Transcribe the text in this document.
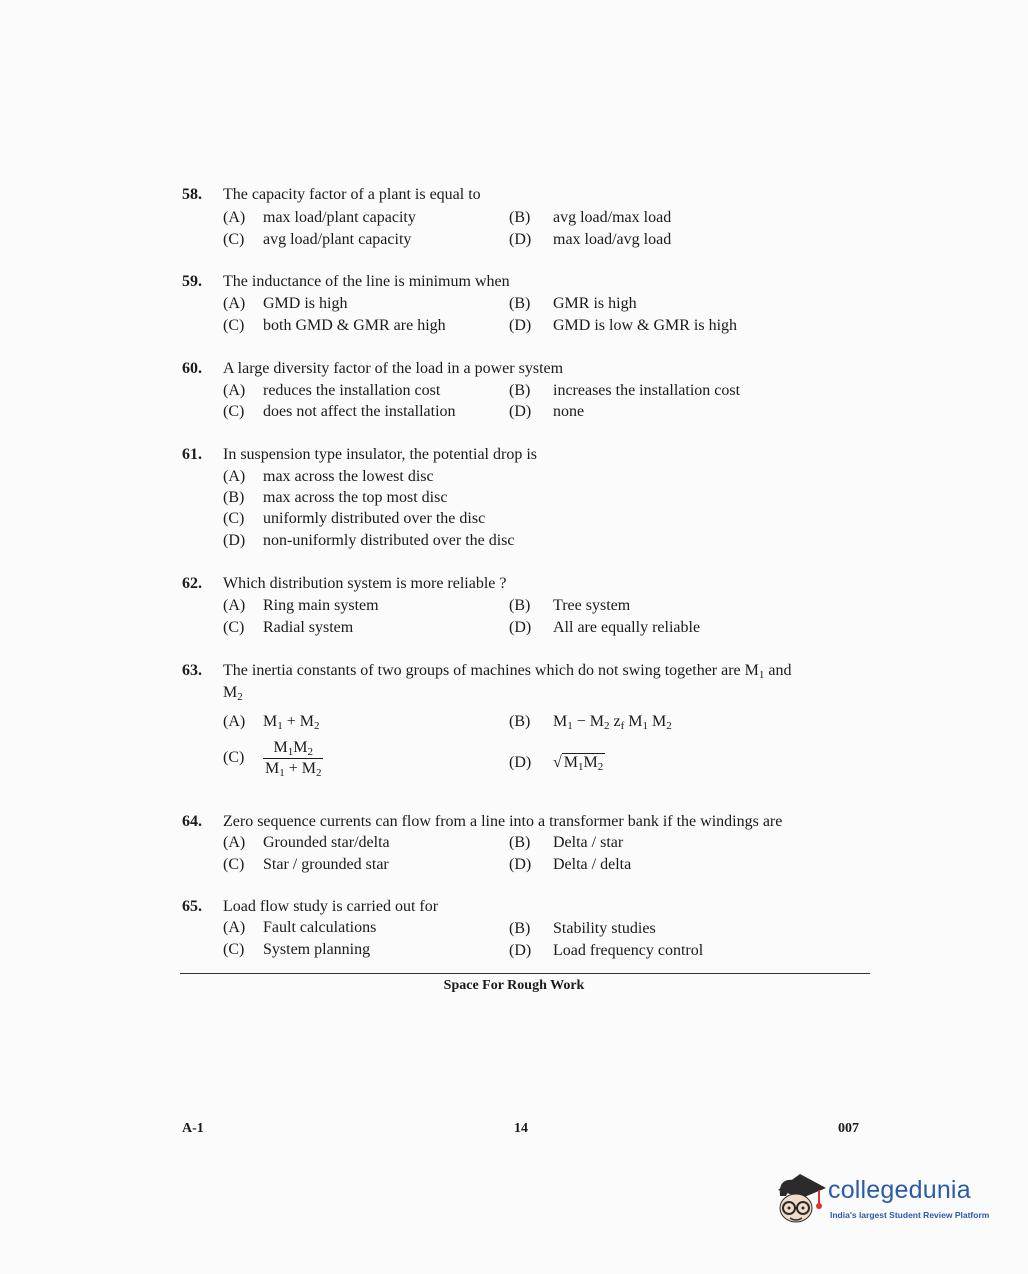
58. The capacity factor of a plant is equal to
(A) max load/plant capacity	(B) avg load/max load
(C) avg load/plant capacity	(D) max load/avg load
59. The inductance of the line is minimum when
(A) GMD is high	(B) GMR is high
(C) both GMD & GMR are high	(D) GMD is low & GMR is high
60. A large diversity factor of the load in a power system
(A) reduces the installation cost	(B) increases the installation cost
(C) does not affect the installation	(D) none
61. In suspension type insulator, the potential drop is
(A) max across the lowest disc
(B) max across the top most disc
(C) uniformly distributed over the disc
(D) non-uniformly distributed over the disc
62. Which distribution system is more reliable ?
(A) Ring main system	(B) Tree system
(C) Radial system	(D) All are equally reliable
63. The inertia constants of two groups of machines which do not swing together are $M_1$ and
$M_2$
(A) $M_1 + M_2$	(B) $M_1 - M_2$ $z_f$ $M_1$ $M_2$
$(C) \frac{M_1M_2}{M_1 + M_2}$	(D) √ $M_1M_2$
64. Zero sequence currents can flow from a line into a transformer bank if the windings are
(A) Grounded star/delta	(B) Delta / star
(C) Star / grounded star	(D) Delta / delta
65. Load flow study is carried out for
(A) Fault calculations	(B) Stability studies
(C) System planning	(D) Load frequency control
Space For Rough Work
A-1	14	007
collegedunia
India's largest Student Review Platform
